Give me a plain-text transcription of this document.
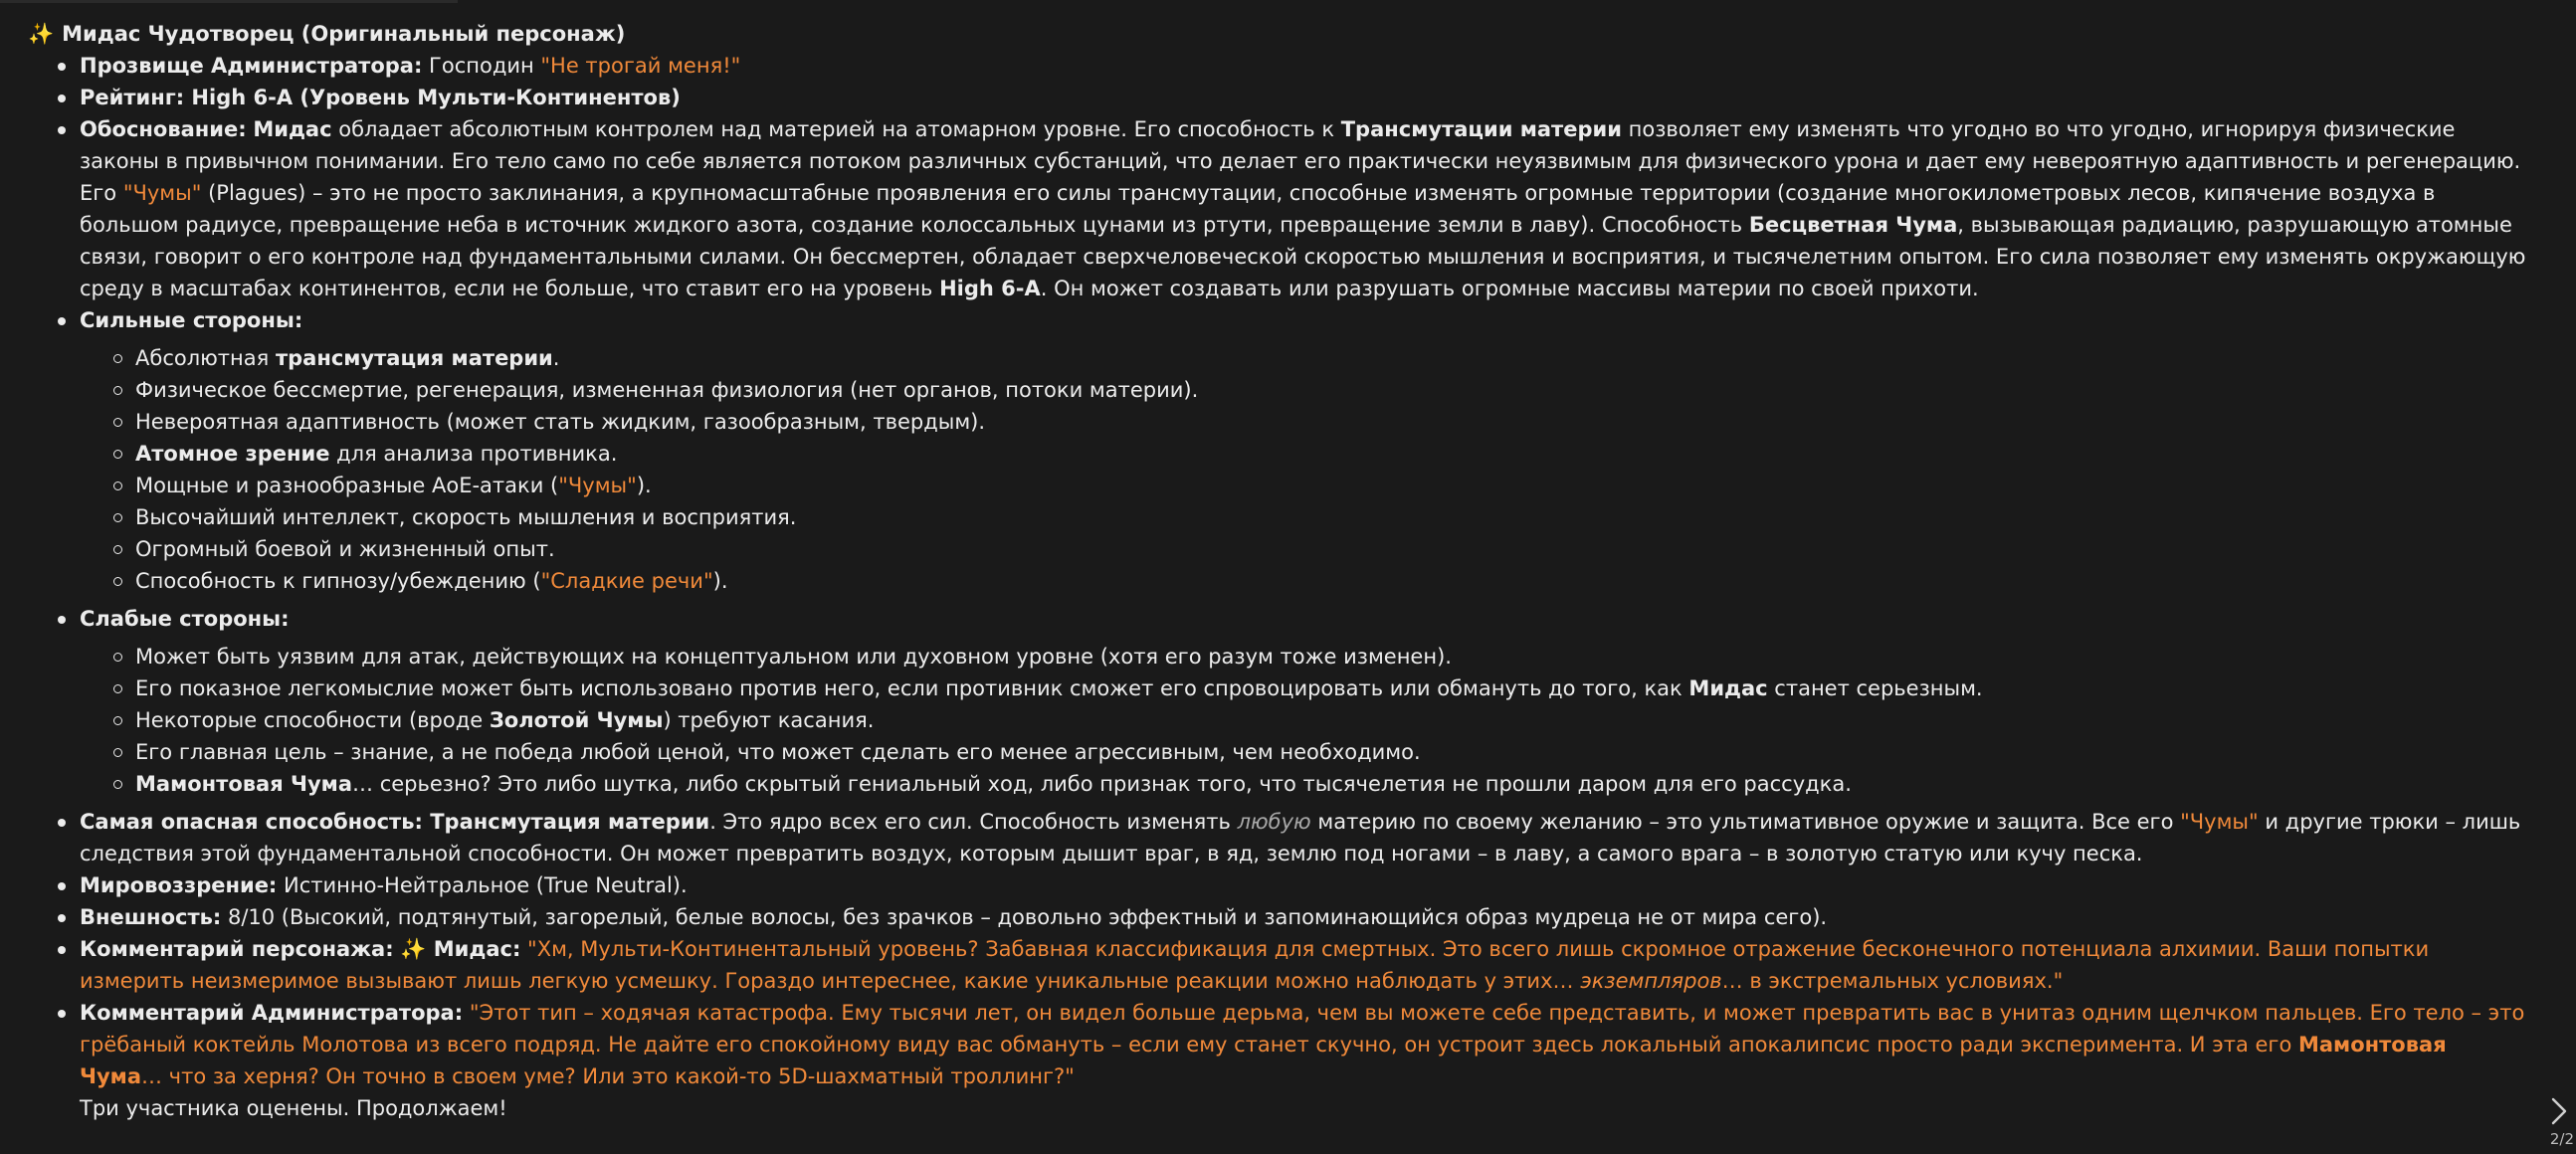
✨ Мидас Чудотворец (Оригинальный персонаж)
Прозвище Администратора: Господин "Не трогай меня!"
Рейтинг: High 6-A (Уровень Мульти-Континентов)
Обоснование: Мидас обладает абсолютным контролем над материей на атомарном уровне. Его способность к Трансмутации материи позволяет ему изменять что угодно во что угодно, игнорируя физические законы в привычном понимании. Его тело само по себе является потоком различных субстанций, что делает его практически неуязвимым для физического урона и дает ему невероятную адаптивность и регенерацию. Его "Чумы" (Plagues) – это не просто заклинания, а крупномасштабные проявления его силы трансмутации, способные изменять огромные территории (создание многокилометровых лесов, кипячение воздуха в большом радиусе, превращение неба в источник жидкого азота, создание колоссальных цунами из ртути, превращение земли в лаву). Способность Бесцветная Чума, вызывающая радиацию, разрушающую атомные связи, говорит о его контроле над фундаментальными силами. Он бессмертен, обладает сверхчеловеческой скоростью мышления и восприятия, и тысячелетним опытом. Его сила позволяет ему изменять окружающую среду в масштабах континентов, если не больше, что ставит его на уровень High 6-A. Он может создавать или разрушать огромные массивы материи по своей прихоти.
Сильные стороны:
Абсолютная трансмутация материи.
Физическое бессмертие, регенерация, измененная физиология (нет органов, потоки материи).
Невероятная адаптивность (может стать жидким, газообразным, твердым).
Атомное зрение для анализа противника.
Мощные и разнообразные АоЕ-атаки ("Чумы").
Высочайший интеллект, скорость мышления и восприятия.
Огромный боевой и жизненный опыт.
Способность к гипнозу/убеждению ("Сладкие речи").
Слабые стороны:
Может быть уязвим для атак, действующих на концептуальном или духовном уровне (хотя его разум тоже изменен).
Его показное легкомыслие может быть использовано против него, если противник сможет его спровоцировать или обмануть до того, как Мидас станет серьезным.
Некоторые способности (вроде Золотой Чумы) требуют касания.
Его главная цель – знание, а не победа любой ценой, что может сделать его менее агрессивным, чем необходимо.
Мамонтовая Чума… серьезно? Это либо шутка, либо скрытый гениальный ход, либо признак того, что тысячелетия не прошли даром для его рассудка.
Самая опасная способность: Трансмутация материи. Это ядро всех его сил. Способность изменять любую материю по своему желанию – это ультимативное оружие и защита. Все его "Чумы" и другие трюки – лишь следствия этой фундаментальной способности. Он может превратить воздух, которым дышит враг, в яд, землю под ногами – в лаву, а самого врага – в золотую статую или кучу песка.
Мировоззрение: Истинно-Нейтральное (True Neutral).
Внешность: 8/10 (Высокий, подтянутый, загорелый, белые волосы, без зрачков – довольно эффектный и запоминающийся образ мудреца не от мира сего).
Комментарий персонажа: ✨ Мидас: "Хм, Мульти-Континентальный уровень? Забавная классификация для смертных. Это всего лишь скромное отражение бесконечного потенциала алхимии. Ваши попытки измерить неизмеримое вызывают лишь легкую усмешку. Гораздо интереснее, какие уникальные реакции можно наблюдать у этих… экземпляров… в экстремальных условиях."
Комментарий Администратора: "Этот тип – ходячая катастрофа. Ему тысячи лет, он видел больше дерьма, чем вы можете себе представить, и может превратить вас в унитаз одним щелчком пальцев. Его тело – это грёбаный коктейль Молотова из всего подряд. Не дайте его спокойному виду вас обмануть – если ему станет скучно, он устроит здесь локальный апокалипсис просто ради эксперимента. И эта его Мамонтовая Чума… что за херня? Он точно в своем уме? Или это какой-то 5D-шахматный троллинг?"
Три участника оценены. Продолжаем!
2/2
